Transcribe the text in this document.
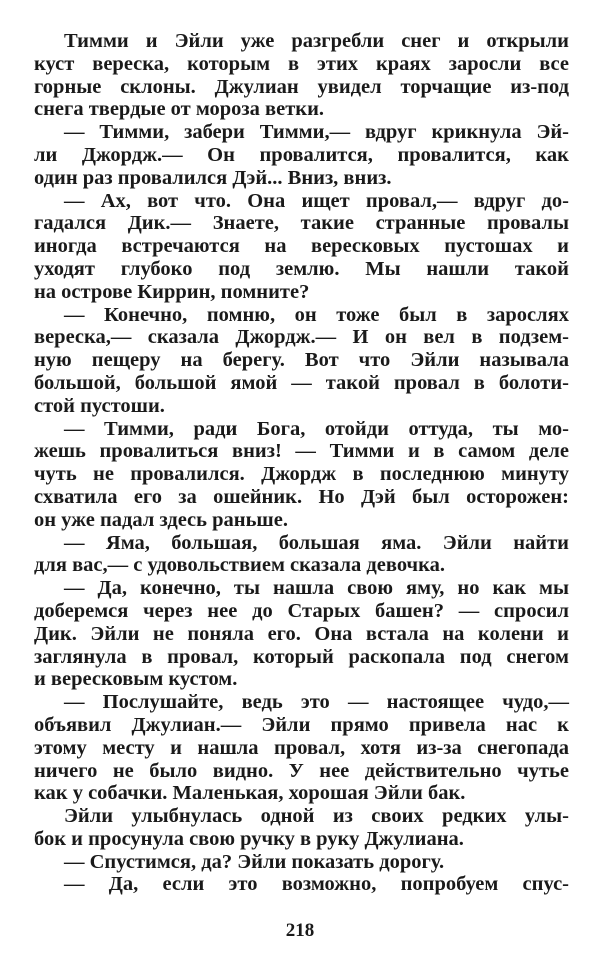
Тимми и Эйли уже разгребли снег и открыли
куст вереска, которым в этих краях заросли все
горные склоны. Джулиан увидел торчащие из-под
снега твердые от мороза ветки.
— Тимми, забери Тимми,— вдруг крикнула Эй-
ли Джордж.— Он провалится, провалится, как
один раз провалился Дэй... Вниз, вниз.
— Ах, вот что. Она ищет провал,— вдруг до-
гадался Дик.— Знаете, такие странные провалы
иногда встречаются на вересковых пустошах и
уходят глубоко под землю. Мы нашли такой
на острове Киррин, помните?
— Конечно, помню, он тоже был в зарослях
вереска,— сказала Джордж.— И он вел в подзем-
ную пещеру на берегу. Вот что Эйли называла
большой, большой ямой — такой провал в болоти-
стой пустоши.
— Тимми, ради Бога, отойди оттуда, ты мо-
жешь провалиться вниз! — Тимми и в самом деле
чуть не провалился. Джордж в последнюю минуту
схватила его за ошейник. Но Дэй был осторожен:
он уже падал здесь раньше.
— Яма, большая, большая яма. Эйли найти
для вас,— с удовольствием сказала девочка.
— Да, конечно, ты нашла свою яму, но как мы
доберемся через нее до Старых башен? — спросил
Дик. Эйли не поняла его. Она встала на колени и
заглянула в провал, который раскопала под снегом
и вересковым кустом.
— Послушайте, ведь это — настоящее чудо,—
объявил Джулиан.— Эйли прямо привела нас к
этому месту и нашла провал, хотя из-за снегопада
ничего не было видно. У нее действительно чутье
как у собачки. Маленькая, хорошая Эйли бак.
Эйли улыбнулась одной из своих редких улы-
бок и просунула свою ручку в руку Джулиана.
— Спустимся, да? Эйли показать дорогу.
— Да, если это возможно, попробуем спус-
218
